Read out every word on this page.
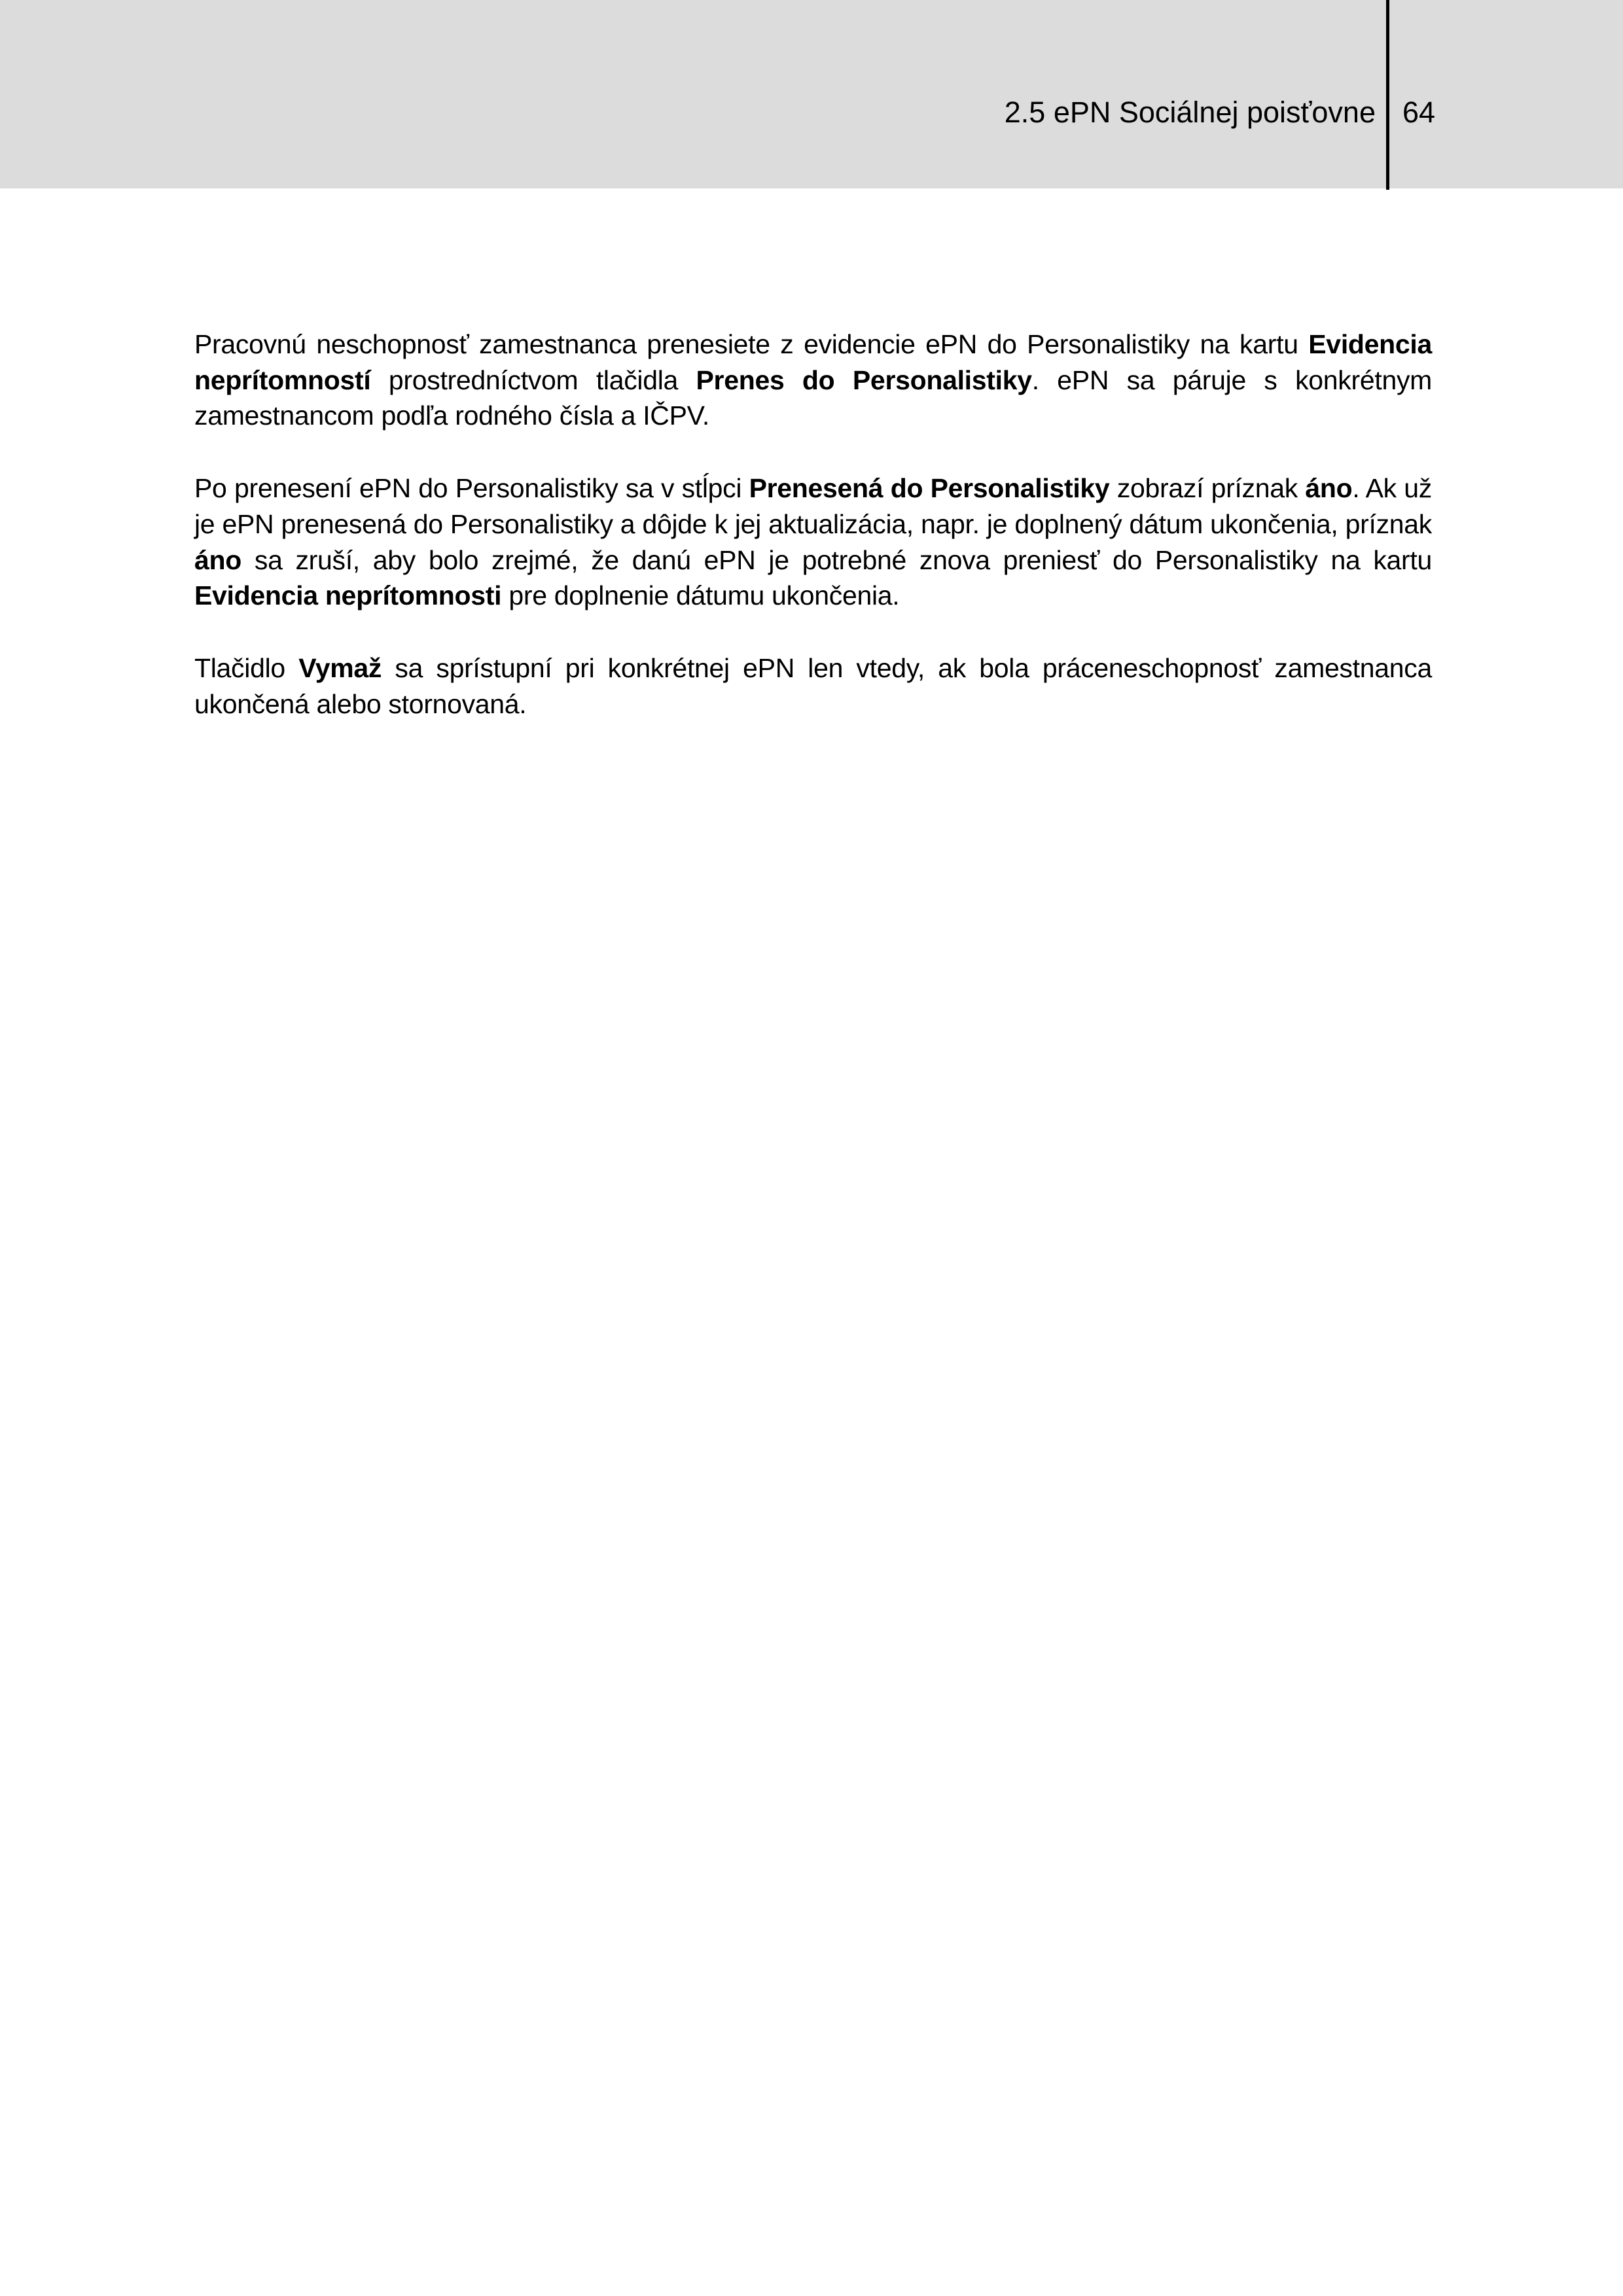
2.5 ePN Sociálnej poisťovne 64

Pracovnú neschopnosť zamestnanca prenesiete z evidencie ePN do Personalistiky na kartu Evidencia neprítomností prostredníctvom tlačidla Prenes do Personalistiky. ePN sa páruje s konkrétnym zamestnancom podľa rodného čísla a IČPV.

Po prenesení ePN do Personalistiky sa v stĺpci Prenesená do Personalistiky zobrazí príznak áno. Ak už je ePN prenesená do Personalistiky a dôjde k jej aktualizácia, napr. je doplnený dátum ukončenia, príznak áno sa zruší, aby bolo zrejmé, že danú ePN je potrebné znova preniesť do Personalistiky na kartu Evidencia neprítomnosti pre doplnenie dátumu ukončenia.

Tlačidlo Vymaž sa sprístupní pri konkrétnej ePN len vtedy, ak bola práceneschopnosť zamestnanca ukončená alebo stornovaná.
